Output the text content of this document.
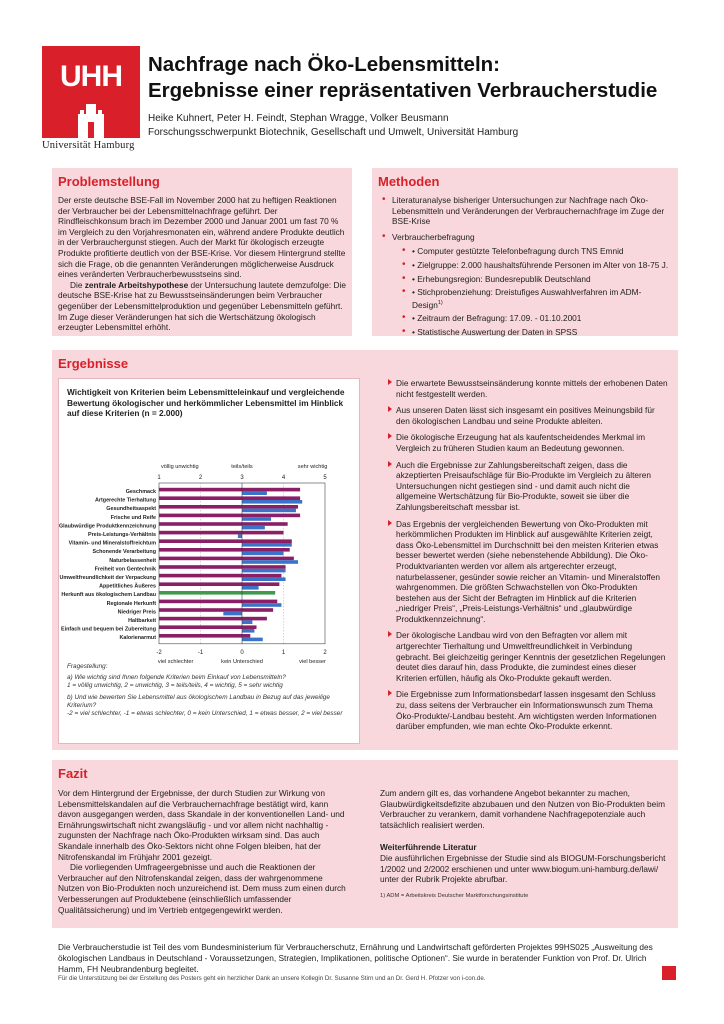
UHH
Universität Hamburg
Nachfrage nach Öko-Lebensmitteln:
Ergebnisse einer repräsentativen Verbraucherstudie
Heike Kuhnert, Peter H. Feindt, Stephan Wragge, Volker Beusmann
Forschungsschwerpunkt Biotechnik, Gesellschaft und Umwelt, Universität Hamburg
Problemstellung

Der erste deutsche BSE-Fall im November 2000 hat zu heftigen Reaktionen der Verbraucher bei der Lebensmittelnachfrage geführt. Der Rindfleischkonsum brach im Dezember 2000 und Januar 2001 um fast 70 % im Vergleich zu den Vorjahresmonaten ein, während andere Produkte deutlich in der Verbrauchergunst stiegen. Auch der Markt für ökologisch erzeugte Produkte profitierte deutlich von der BSE-Krise. Vor diesem Hintergrund stellte sich die Frage, ob die genannten Veränderungen möglicherweise Ausdruck eines veränderten Verbraucherbewusstseins sind.

Die zentrale Arbeitshypothese der Untersuchung lautete demzufolge: Die deutsche BSE-Krise hat zu Bewusstseinsänderungen beim Verbraucher gegenüber der Lebensmittelproduktion und gegenüber Lebensmitteln geführt. Im Zuge dieser Veränderungen hat sich die Wertschätzung ökologisch erzeugter Lebensmittel erhöht.

Methoden
• Literaturanalyse bisheriger Untersuchungen zur Nachfrage nach Öko-Lebensmitteln und Veränderungen der Verbrauchernachfrage im Zuge der BSE-Krise
• Verbraucherbefragung
• • Computer gestützte Telefonbefragung durch TNS Emnid
• • Zielgruppe: 2.000 haushaltsführende Personen im Alter von 18-75 J.
• • Erhebungsregion: Bundesrepublik Deutschland
• • Stichprobenziehung: Dreistufiges Auswahlverfahren im ADM-Design$^{1)}$
• • Zeitraum der Befragung: 17.09. - 01.10.2001
• • Statistische Auswertung der Daten in SPSS
Ergebnisse
Wichtigkeit von Kriterien beim Lebensmitteleinkauf und vergleichende Bewertung ökologischer und herkömmlicher Lebensmittel im Hinblick auf diese Kriterien (n = 2.000)
völlig unwichtig	teils/teils	sehr wichtig
1	2	3	4	5
Geschmack
Artgerechte Tierhaltung
Gesundheitsaspekt
Frische und Reife
Glaubwürdige Produktkennzeichnung
Preis-Leistungs-Verhältnis
Vitamin- und Mineralstoffreichtum
Schonende Verarbeitung
Naturbelassenheit
Freiheit von Gentechnik
Umweltfreundlichkeit der Verpackung
Appetitliches Äußeres
Herkunft aus ökologischem Landbau
Regionale Herkunft
Niedriger Preis
Haltbarkeit
Einfach und bequem bei Zubereitung
Kalorienarmut
-2	-1	0	1	2
viel schlechter	kein Unterschied	viel besser
Fragestellung:
a) Wie wichtig sind Ihnen folgende Kriterien beim Einkauf von Lebensmitteln?
1 = völlig unwichtig, 2 = unwichtig, 3 = teils/teils, 4 = wichtig, 5 = sehr wichtig
b) Und wie bewerten Sie Lebensmittel aus ökologischem Landbau in Bezug auf das jeweilige Kriterium?
-2 = viel schlechter, -1 = etwas schlechter, 0 = kein Unterschied, 1 = etwas besser, 2 = viel besser
Die erwartete Bewusstseinsänderung konnte mittels der erhobenen Daten nicht festgestellt werden.
Aus unseren Daten lässt sich insgesamt ein positives Meinungsbild für den ökologischen Landbau und seine Produkte ableiten.
Die ökologische Erzeugung hat als kaufentscheidendes Merkmal im Vergleich zu früheren Studien kaum an Bedeutung gewonnen.
Auch die Ergebnisse zur Zahlungsbereitschaft zeigen, dass die akzeptierten Preisaufschläge für Bio-Produkte im Vergleich zu älteren Untersuchungen nicht gestiegen sind - und damit auch nicht die allgemeine Wertschätzung für Bio-Produkte, soweit sie über die Zahlungsbereitschaft messbar ist.
Das Ergebnis der vergleichenden Bewertung von Öko-Produkten mit herkömmlichen Produkten im Hinblick auf ausgewählte Kriterien zeigt, dass Öko-Lebensmittel im Durchschnitt bei den meisten Kriterien etwas besser bewertet werden (siehe nebenstehende Abbildung). Die Öko-Produktvarianten werden vor allem als artgerechter erzeugt, naturbelassener, gesünder sowie reicher an Vitamin- und Mineralstoffen wahrgenommen. Die größten Schwachstellen von Öko-Produkten bestehen aus der Sicht der Befragten im Hinblick auf die Kriterien „niedriger Preis“, „Preis-Leistungs-Verhältnis“ und „glaubwürdige Produktkennzeichnung“.
Der ökologische Landbau wird von den Befragten vor allem mit artgerechter Tierhaltung und Umweltfreundlichkeit in Verbindung gebracht. Bei gleichzeitig geringer Kenntnis der gesetzlichen Regelungen deutet dies darauf hin, dass Produkte, die zumindest eines dieser Kriterien erfüllen, häufig als Öko-Produkte gekauft werden.
Die Ergebnisse zum Informationsbedarf lassen insgesamt den Schluss zu, dass seitens der Verbraucher ein Informationswunsch zum Thema Öko-Produkte/-Landbau besteht. Am wichtigsten werden Informationen darüber empfunden, wie man echte Öko-Produkte erkennt.
Fazit

Vor dem Hintergrund der Ergebnisse, der durch Studien zur Wirkung von Lebensmittelskandalen auf die Verbrauchernachfrage bestätigt wird, kann davon ausgegangen werden, dass Skandale in der konventionellen Land- und Ernährungswirtschaft nicht zwangsläufig - und vor allem nicht nachhaltig - zugunsten der Nachfrage nach Öko-Produkten wirksam sind. Das auch Skandale innerhalb des Öko-Sektors nicht ohne Folgen bleiben, hat der Nitrofenskandal im Frühjahr 2001 gezeigt.

Die vorliegenden Umfrageergebnisse und auch die Reaktionen der Verbraucher auf den Nitrofenskandal zeigen, dass der wahrgenommene Nutzen von Bio-Produkten noch unzureichend ist. Dem muss zum einen durch Verbesserungen auf Produktebene (einschließlich umfassender Qualitätssicherung) und im Vertrieb entgegengewirkt werden.

Zum andern gilt es, das vorhandene Angebot bekannter zu machen, Glaubwürdigkeitsdefizite abzubauen und den Nutzen von Bio-Produkten beim Verbraucher zu verankern, damit vorhandene Nachfragepotenziale auch tatsächlich realisiert werden.

Weiterführende Literatur

Die ausführlichen Ergebnisse der Studie sind als BIOGUM-Forschungsbericht 1/2002 und 2/2002 erschienen und unter www.biogum.uni-hamburg.de/lawi/ unter der Rubrik Projekte abrufbar.

1) ADM = Arbeitskreis Deutscher Marktforschungsinstitute

Die Verbraucherstudie ist Teil des vom Bundesministerium für Verbraucherschutz, Ernährung und Landwirtschaft geförderten Projektes 99HS025 „Ausweitung des ökologischen Landbaus in Deutschland - Voraussetzungen, Strategien, Implikationen, politische Optionen“. Sie wurde in beratender Funktion von Prof. Dr. Ulrich Hamm, FH Neubrandenburg begleitet.
Für die Unterstützung bei der Erstellung des Posters geht ein herzlicher Dank an unsere Kollegin Dr. Susanne Stirn und an Dr. Gerd H. Pfotzer von i-con.de.
